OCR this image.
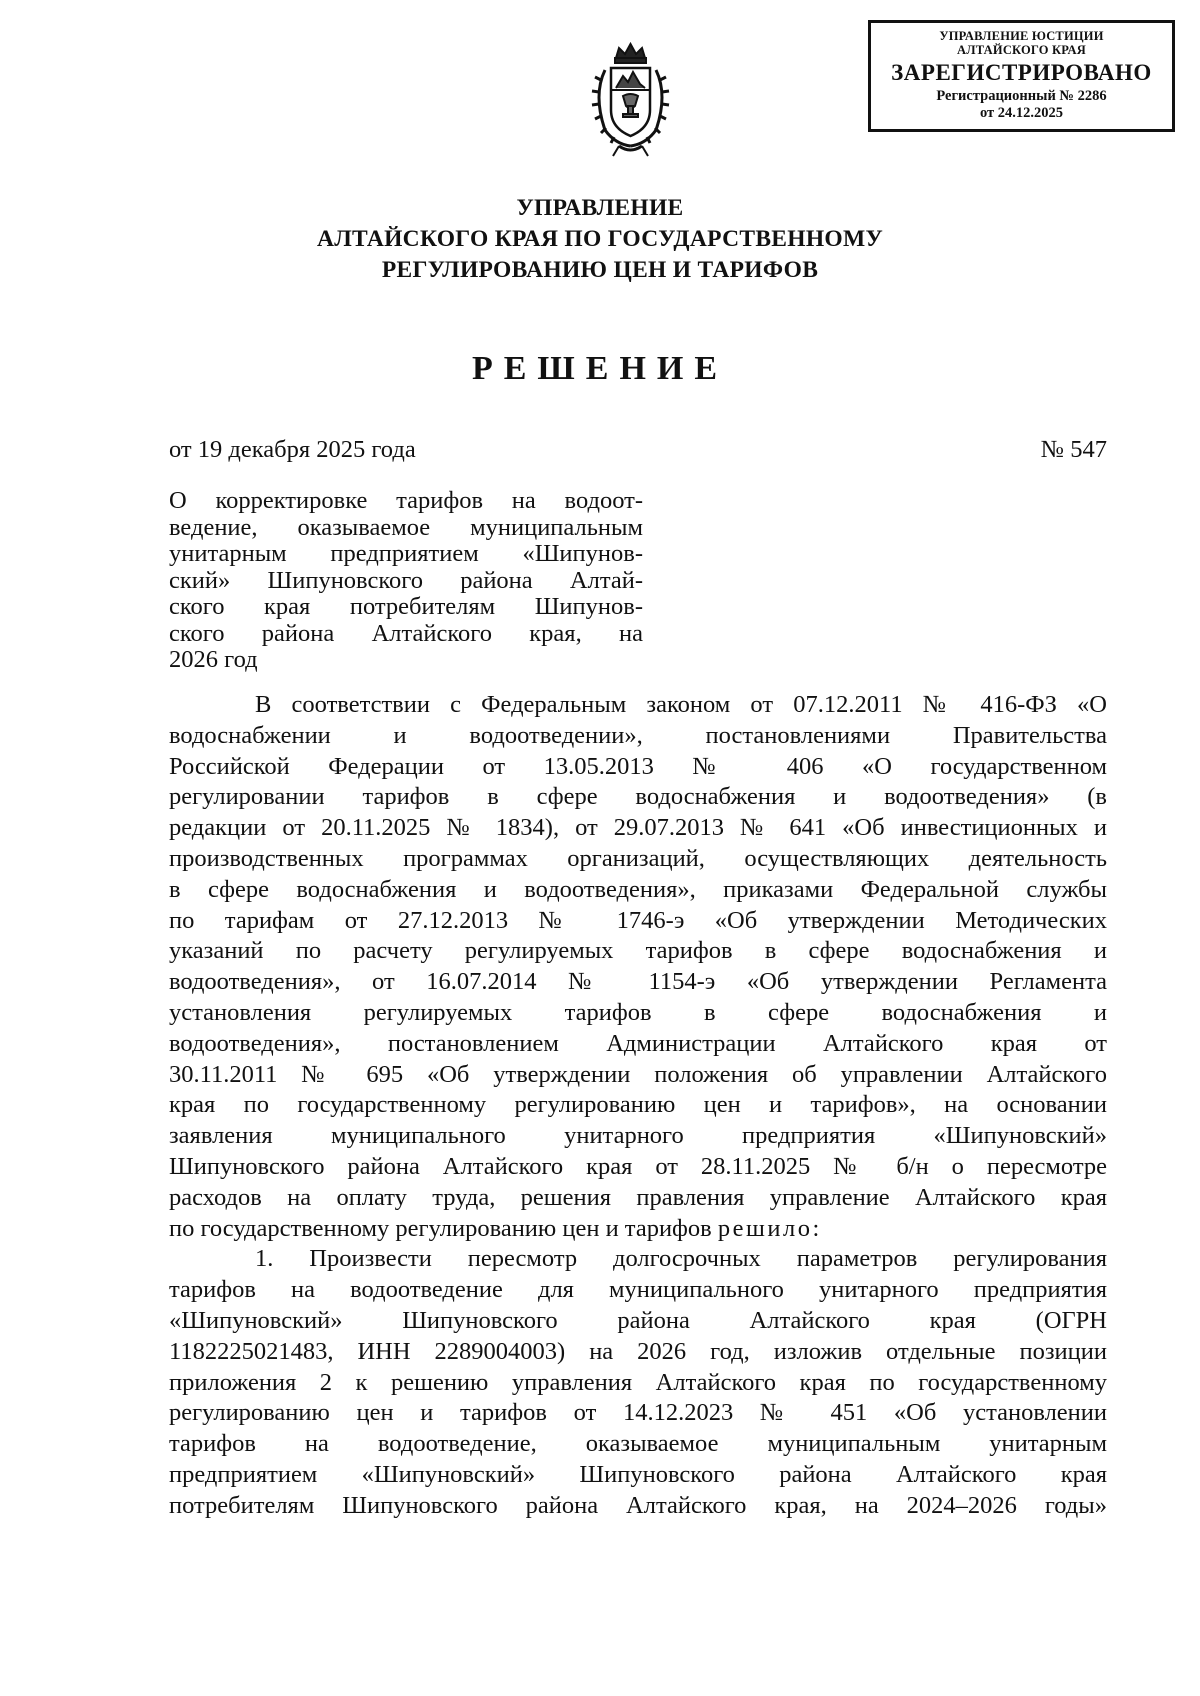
УПРАВЛЕНИЕ ЮСТИЦИИ
АЛТАЙСКОГО КРАЯ
ЗАРЕГИСТРИРОВАНО
Регистрационный № 2286
от 24.12.2025
УПРАВЛЕНИЕ
АЛТАЙСКОГО КРАЯ ПО ГОСУДАРСТВЕННОМУ
РЕГУЛИРОВАНИЮ ЦЕН И ТАРИФОВ
РЕШЕНИЕ
от 19 декабря 2025 года	№ 547
О корректировке тарифов на водоот-
ведение, оказываемое муниципальным
унитарным предприятием «Шипунов-
ский» Шипуновского района Алтай-
ского края потребителям Шипунов-
ского района Алтайского края, на
2026 год
В соответствии с Федеральным законом от 07.12.2011 № 416-ФЗ «О
водоснабжении и водоотведении», постановлениями Правительства
Российской Федерации от 13.05.2013 № 406 «О государственном
регулировании тарифов в сфере водоснабжения и водоотведения» (в
редакции от 20.11.2025 № 1834), от 29.07.2013 № 641 «Об инвестиционных и
производственных программах организаций, осуществляющих деятельность
в сфере водоснабжения и водоотведения», приказами Федеральной службы
по тарифам от 27.12.2013 № 1746-э «Об утверждении Методических
указаний по расчету регулируемых тарифов в сфере водоснабжения и
водоотведения», от 16.07.2014 № 1154-э «Об утверждении Регламента
установления регулируемых тарифов в сфере водоснабжения и
водоотведения», постановлением Администрации Алтайского края от
30.11.2011 № 695 «Об утверждении положения об управлении Алтайского
края по государственному регулированию цен и тарифов», на основании
заявления муниципального унитарного предприятия «Шипуновский»
Шипуновского района Алтайского края от 28.11.2025 № б/н о пересмотре
расходов на оплату труда, решения правления управление Алтайского края
по государственному регулированию цен и тарифов решило:
1. Произвести пересмотр долгосрочных параметров регулирования
тарифов на водоотведение для муниципального унитарного предприятия
«Шипуновский» Шипуновского района Алтайского края (ОГРН
1182225021483, ИНН 2289004003) на 2026 год, изложив отдельные позиции
приложения 2 к решению управления Алтайского края по государственному
регулированию цен и тарифов от 14.12.2023 № 451 «Об установлении
тарифов на водоотведение, оказываемое муниципальным унитарным
предприятием «Шипуновский» Шипуновского района Алтайского края
потребителям Шипуновского района Алтайского края, на 2024–2026 годы»
